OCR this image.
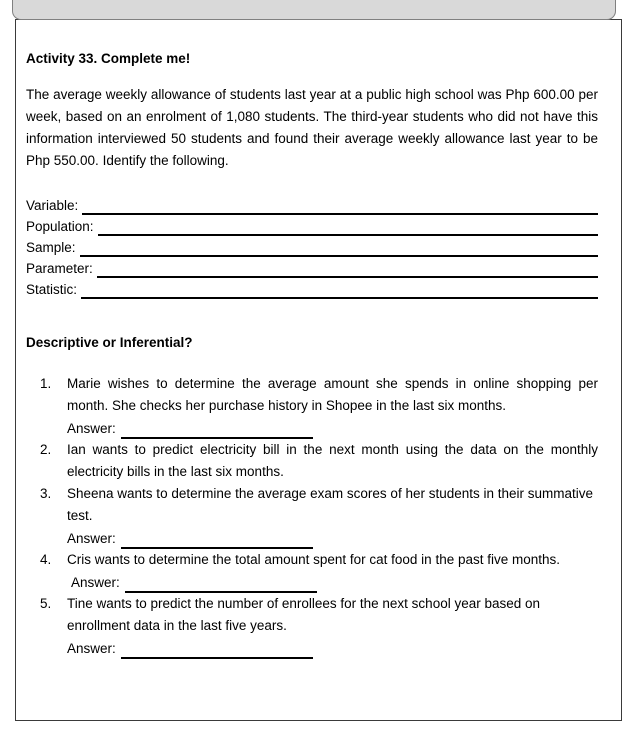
Activity 33. Complete me!
The average weekly allowance of students last year at a public high school was Php 600.00 per week, based on an enrolment of 1,080 students. The third-year students who did not have this information interviewed 50 students and found their average weekly allowance last year to be Php 550.00. Identify the following.
Variable:
Population:
Sample:
Parameter:
Statistic:
Descriptive or Inferential?
1.	Marie wishes to determine the average amount she spends in online shopping per month. She checks her purchase history in Shopee in the last six months.
Answer:
2.	Ian wants to predict electricity bill in the next month using the data on the monthly electricity bills in the last six months.
3.	Sheena wants to determine the average exam scores of her students in their summative test.
Answer:
4.	Cris wants to determine the total amount spent for cat food in the past five months.
Answer:
5.	Tine wants to predict the number of enrollees for the next school year based on enrollment data in the last five years.
Answer:
